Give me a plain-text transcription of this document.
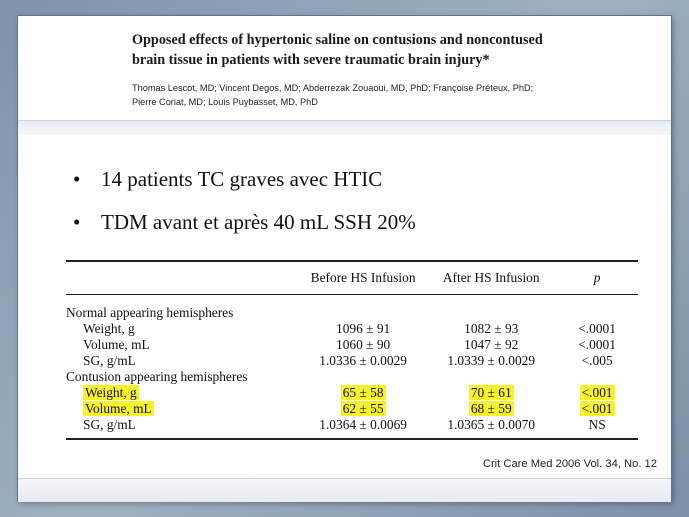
Opposed effects of hypertonic saline on contusions and noncontused
brain tissue in patients with severe traumatic brain injury*
Thomas Lescot, MD; Vincent Degos, MD; Abderrezak Zouaoui, MD, PhD; Françoise Préteux, PhD;
Pierre Coriat, MD; Louis Puybasset, MD, PhD
• 14 patients TC graves avec HTIC
• TDM avant et après 40 mL SSH 20%
	Before HS Infusion	After HS Infusion	p
Normal appearing hemispheres			
Weight, g	1096 ± 91	1082 ± 93	<.0001
Volume, mL	1060 ± 90	1047 ± 92	<.0001
SG, g/mL	1.0336 ± 0.0029	1.0339 ± 0.0029	<.005
Contusion appearing hemispheres			
Weight, g	65 ± 58	70 ± 61	<.001
Volume, mL	62 ± 55	68 ± 59	<.001
SG, g/mL	1.0364 ± 0.0069	1.0365 ± 0.0070	NS
Crit Care Med 2006 Vol. 34, No. 12
